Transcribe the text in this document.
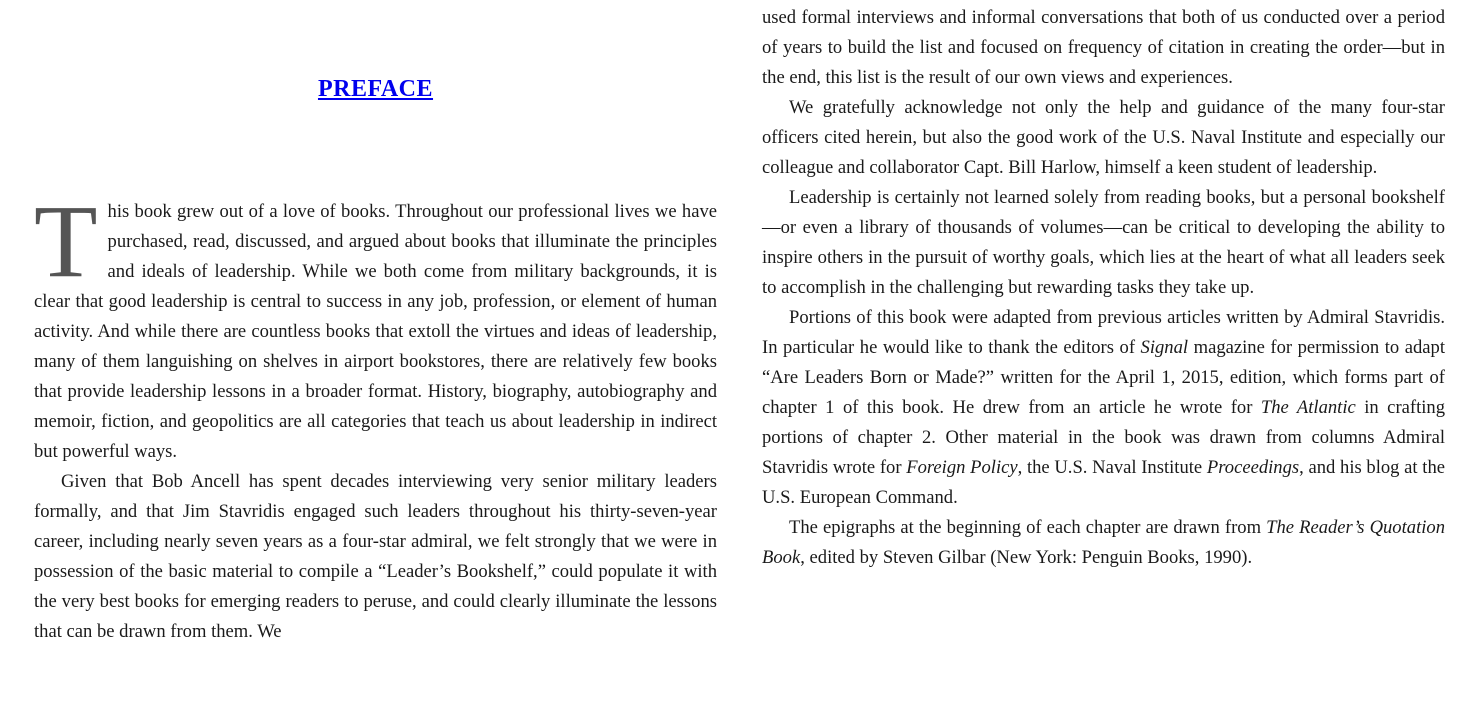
PREFACE

This book grew out of a love of books. Throughout our professional lives we have purchased, read, discussed, and argued about books that illuminate the principles and ideals of leadership. While we both come from military backgrounds, it is clear that good leadership is central to success in any job, profession, or element of human activity. And while there are countless books that extoll the virtues and ideas of leadership, many of them languishing on shelves in airport bookstores, there are relatively few books that provide leadership lessons in a broader format. History, biography, autobiography and memoir, fiction, and geopolitics are all categories that teach us about leadership in indirect but powerful ways.

Given that Bob Ancell has spent decades interviewing very senior military leaders formally, and that Jim Stavridis engaged such leaders throughout his thirty-seven-year career, including nearly seven years as a four-star admiral, we felt strongly that we were in possession of the basic material to compile a “Leader’s Bookshelf,” could populate it with the very best books for emerging readers to peruse, and could clearly illuminate the lessons that can be drawn from them. We

used formal interviews and informal conversations that both of us conducted over a period of years to build the list and focused on frequency of citation in creating the order—but in the end, this list is the result of our own views and experiences.

We gratefully acknowledge not only the help and guidance of the many four-star officers cited herein, but also the good work of the U.S. Naval Institute and especially our colleague and collaborator Capt. Bill Harlow, himself a keen student of leadership.

Leadership is certainly not learned solely from reading books, but a personal bookshelf—or even a library of thousands of volumes—can be critical to developing the ability to inspire others in the pursuit of worthy goals, which lies at the heart of what all leaders seek to accomplish in the challenging but rewarding tasks they take up.

Portions of this book were adapted from previous articles written by Admiral Stavridis. In particular he would like to thank the editors of Signal magazine for permission to adapt “Are Leaders Born or Made?” written for the April 1, 2015, edition, which forms part of chapter 1 of this book. He drew from an article he wrote for The Atlantic in crafting portions of chapter 2. Other material in the book was drawn from columns Admiral Stavridis wrote for Foreign Policy, the U.S. Naval Institute Proceedings, and his blog at the U.S. European Command.

The epigraphs at the beginning of each chapter are drawn from The Reader’s Quotation Book, edited by Steven Gilbar (New York: Penguin Books, 1990).
